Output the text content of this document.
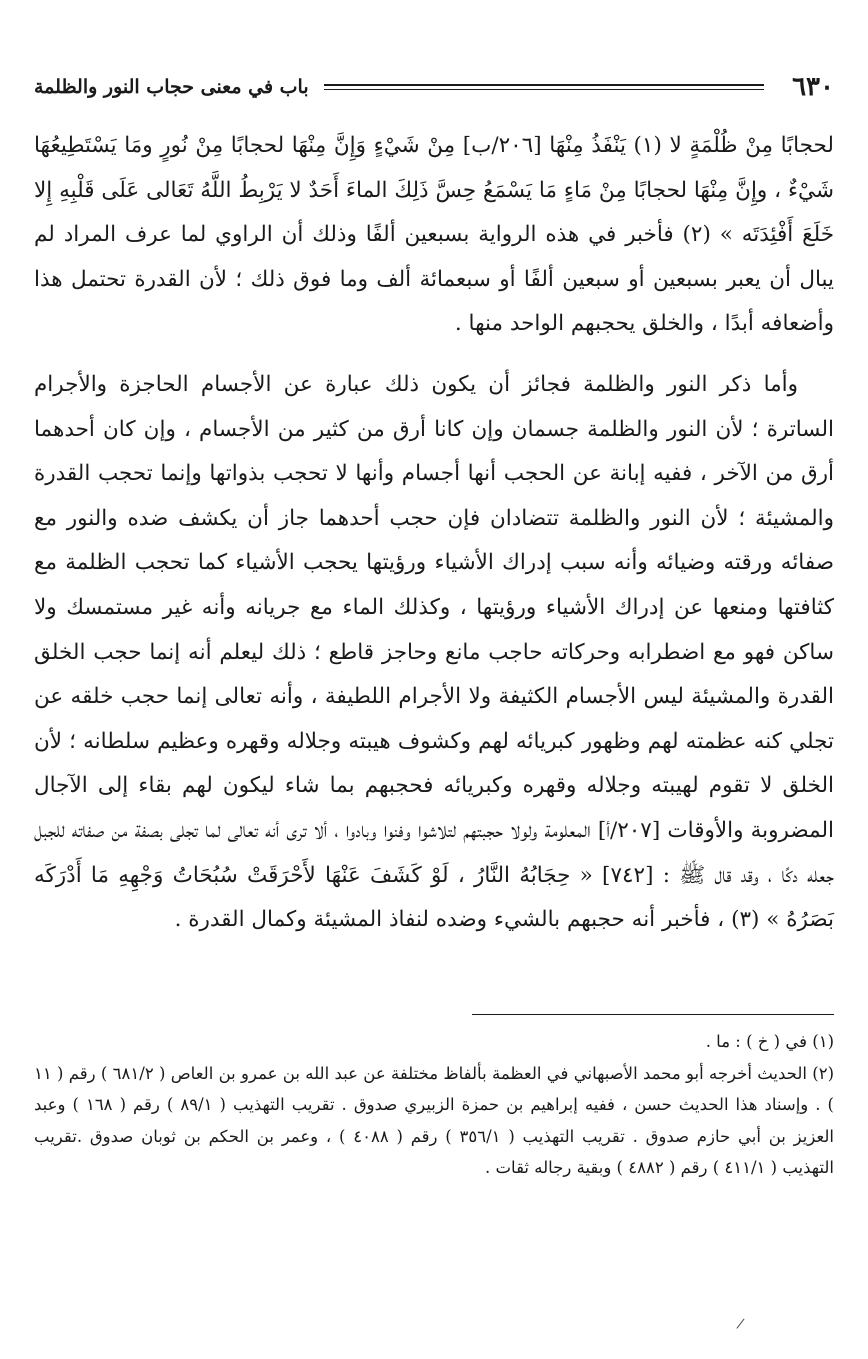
٦٣٠
باب في معنى حجاب النور والظلمة

لحجابًا مِنْ ظُلْمَةٍ لا (١) يَنْفَذُ مِنْهَا [٢٠٦/ب] مِنْ شَيْءٍ وَإِنَّ مِنْهَا لحجابًا مِنْ نُورٍ ومَا يَسْتَطِيعُهَا شَيْءٌ ، وإِنَّ مِنْهَا لحجابًا مِنْ مَاءٍ مَا يَسْمَعُ حِسَّ ذَلِكَ الماءَ أَحَدٌ لا يَرْبِطُ اللَّهُ تَعَالى عَلَى قَلْبِهِ إِلا خَلَعَ أَفْئِدَتَه » (٢) فأخبر في هذه الرواية بسبعين ألفًا وذلك أن الراوي لما عرف المراد لم يبال أن يعبر بسبعين أو سبعين ألفًا أو سبعمائة ألف وما فوق ذلك ؛ لأن القدرة تحتمل هذا وأضعافه أبدًا ، والخلق يحجبهم الواحد منها .

وأما ذكر النور والظلمة فجائز أن يكون ذلك عبارة عن الأجسام الحاجزة والأجرام الساترة ؛ لأن النور والظلمة جسمان وإن كانا أرق من كثير من الأجسام ، وإن كان أحدهما أرق من الآخر ، ففيه إبانة عن الحجب أنها أجسام وأنها لا تحجب بذواتها وإنما تحجب القدرة والمشيئة ؛ لأن النور والظلمة تتضادان فإن حجب أحدهما جاز أن يكشف ضده والنور مع صفائه ورقته وضيائه وأنه سبب إدراك الأشياء ورؤيتها يحجب الأشياء كما تحجب الظلمة مع كثافتها ومنعها عن إدراك الأشياء ورؤيتها ، وكذلك الماء مع جريانه وأنه غير مستمسك ولا ساكن فهو مع اضطرابه وحركاته حاجب مانع وحاجز قاطع ؛ ذلك ليعلم أنه إنما حجب الخلق القدرة والمشيئة ليس الأجسام الكثيفة ولا الأجرام اللطيفة ، وأنه تعالى إنما حجب خلقه عن تجلي كنه عظمته لهم وظهور كبريائه لهم وكشوف هيبته وجلاله وقهره وعظيم سلطانه ؛ لأن الخلق لا تقوم لهيبته وجلاله وقهره وكبريائه فحجبهم بما شاء ليكون لهم بقاء إلى الآجال المضروبة والأوقات [٢٠٧/أ] المعلومة ولولا حجبتهم لتلاشوا وفنوا وبادوا ، ألا ترى أنه تعالى لما تجلى بصفة من صفاته للجبل جعله دكًا ، وقد قال ﷺ : [٧٤٢] « حِجَابُهُ النَّارُ ، لَوْ كَشَفَ عَنْهَا لأَحْرَقَتْ سُبُحَاتُ وَجْهِهِ مَا أَدْرَكَه بَصَرُهُ » (٣) ، فأخبر أنه حجبهم بالشيء وضده لنفاذ المشيئة وكمال القدرة .

(١) في ( خ ) : ما .

(٢) الحديث أخرجه أبو محمد الأصبهاني في العظمة بألفاظ مختلفة عن عبد الله بن عمرو بن العاص ( ٦٨١/٢ ) رقم ( ١١ ) . وإسناد هذا الحديث حسن ، ففيه إبراهيم بن حمزة الزبيري صدوق . تقريب التهذيب ( ٨٩/١ ) رقم ( ١٦٨ ) وعبد العزيز بن أبي حازم صدوق . تقريب التهذيب ( ٣٥٦/١ ) رقم ( ٤٠٨٨ ) ، وعمر بن الحكم بن ثوبان صدوق .تقريب التهذيب ( ٤١١/١ ) رقم ( ٤٨٨٢ ) وبقية رجاله ثقات .

/
